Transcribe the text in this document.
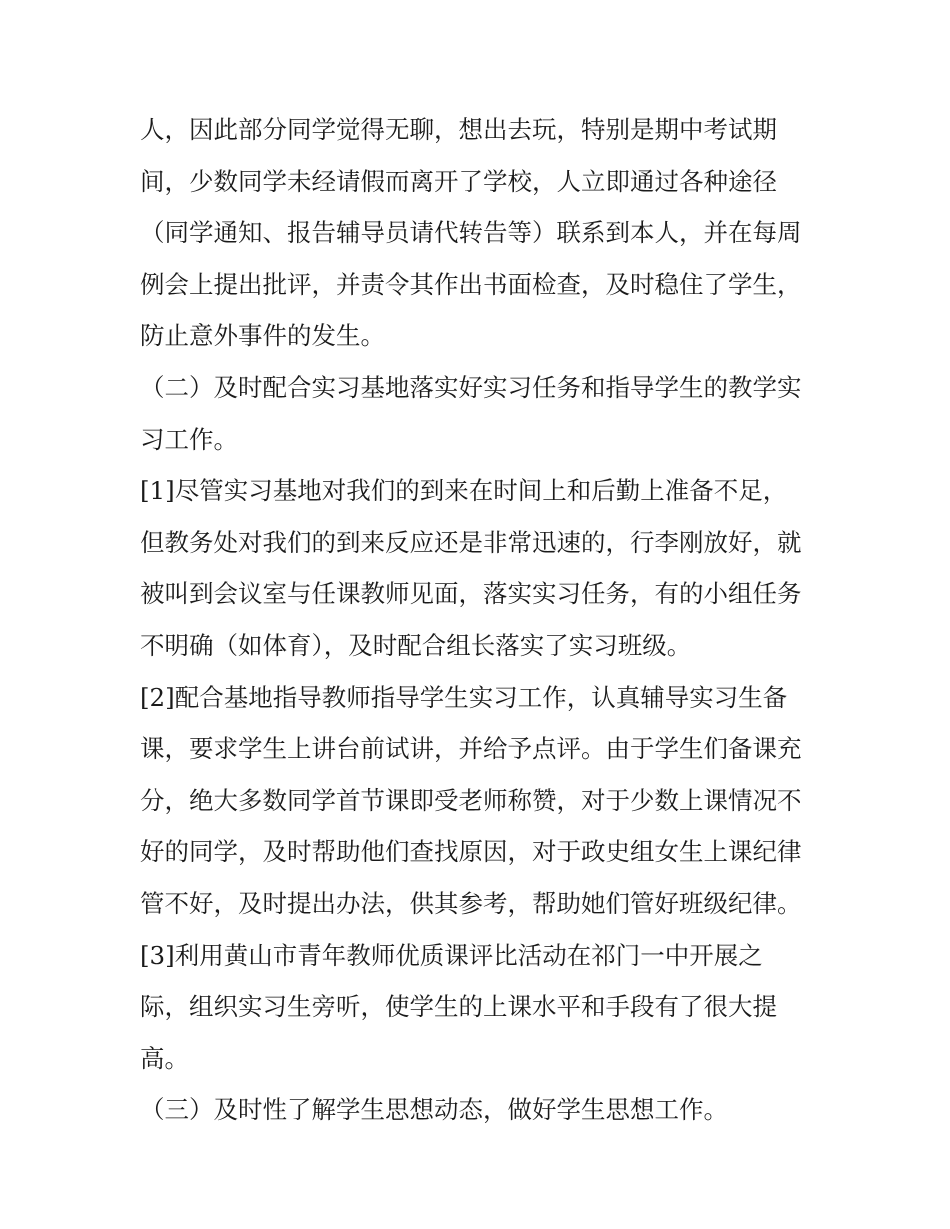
人，因此部分同学觉得无聊，想出去玩，特别是期中考试期
间，少数同学未经请假而离开了学校，人立即通过各种途径
（同学通知、报告辅导员请代转告等）联系到本人，并在每周
例会上提出批评，并责令其作出书面检查，及时稳住了学生，
防止意外事件的发生。
（二）及时配合实习基地落实好实习任务和指导学生的教学实
习工作。
[1]尽管实习基地对我们的到来在时间上和后勤上准备不足，
但教务处对我们的到来反应还是非常迅速的，行李刚放好，就
被叫到会议室与任课教师见面，落实实习任务，有的小组任务
不明确（如体育），及时配合组长落实了实习班级。
[2]配合基地指导教师指导学生实习工作，认真辅导实习生备
课，要求学生上讲台前试讲，并给予点评。由于学生们备课充
分，绝大多数同学首节课即受老师称赞，对于少数上课情况不
好的同学，及时帮助他们查找原因，对于政史组女生上课纪律
管不好，及时提出办法，供其参考，帮助她们管好班级纪律。
[3]利用黄山市青年教师优质课评比活动在祁门一中开展之
际，组织实习生旁听，使学生的上课水平和手段有了很大提
高。
（三）及时性了解学生思想动态，做好学生思想工作。
